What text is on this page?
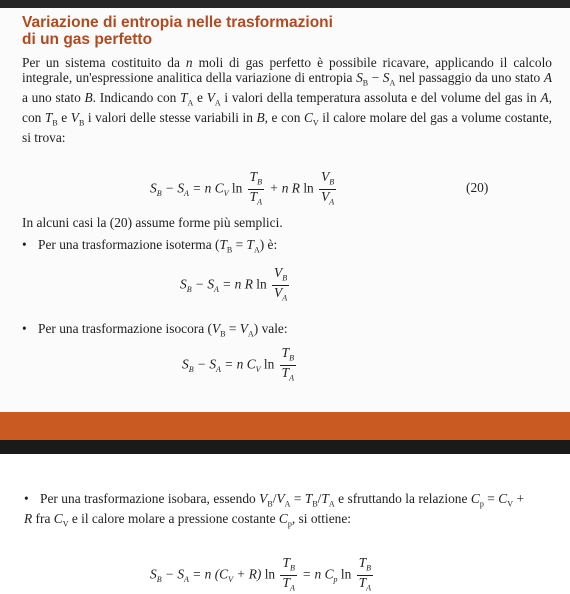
Variazione di entropia nelle trasformazioni
di un gas perfetto
Per un sistema costituito da n moli di gas perfetto è possibile ricavare, applicando il calcolo integrale, un'espressione analitica della variazione di entropia $S_B - S_A$ nel passaggio da uno stato A a uno stato B. Indicando con $T_A$ e $V_A$ i valori della temperatura assoluta e del volume del gas in A, con $T_B$ e $V_B$ i valori delle stesse variabili in B, e con $C_V$ il calore molare del gas a volume costante, si trova:
$S_B - S_A = n$ $C_V$ $\ln \frac{T_B}{T_A} + n$ R $\ln \frac{V_B}{V_A}$	(20)
In alcuni casi la (20) assume forme più semplici.
• Per una trasformazione isoterma $(T_B = T_A)$ è:
$S_B - S_A = n$ R $\ln \frac{V_B}{V_A}$
• Per una trasformazione isocora $(V_B = V_A)$ vale:
$S_B - S_A = n$ $C_V$ $\ln \frac{T_B}{T_A}$
• Per una trasformazione isobara, essendo $V_B/V_A = T_B/T_A$ e sfruttando la relazione $C_p = C_V + R$ fra $C_V$ e il calore molare a pressione costante $C_p$, si ottiene:
$S_B - S_A = n$ $(C_V + R)$ $\ln \frac{T_B}{T_A} = n$ $C_p$ $\ln \frac{T_B}{T_A}$
